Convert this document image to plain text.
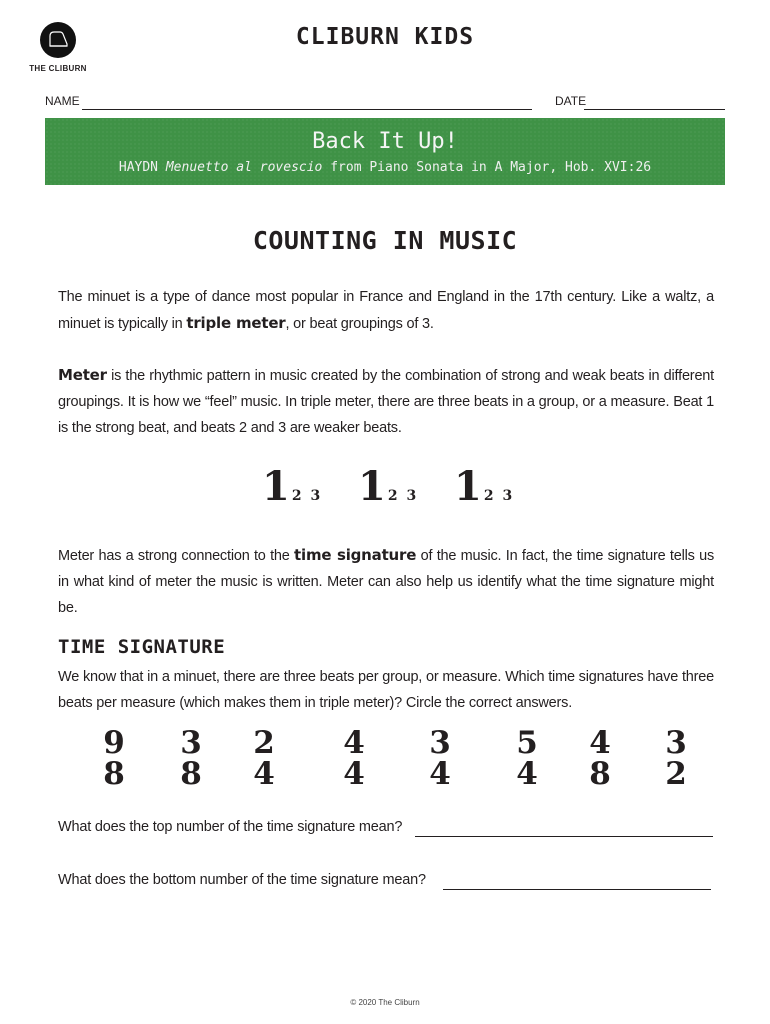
THE CLIBURN
CLIBURN KIDS
NAME	DATE
Back It Up!
HAYDN Menuetto al rovescio from Piano Sonata in A Major, Hob. XVI:26
COUNTING IN MUSIC
The minuet is a type of dance most popular in France and England in the 17th century. Like a waltz, a minuet is typically in triple meter, or beat groupings of 3.
Meter is the rhythmic pattern in music created by the combination of strong and weak beats in different groupings. It is how we “feel” music. In triple meter, there are three beats in a group, or a measure. Beat 1 is the strong beat, and beats 2 and 3 are weaker beats.
1 2 3 1 2 3 1 2 3
Meter has a strong connection to the time signature of the music. In fact, the time signature tells us in what kind of meter the music is written. Meter can also help us identify what the time signature might be.
TIME SIGNATURE
We know that in a minuet, there are three beats per group, or measure. Which time signatures have three beats per measure (which makes them in triple meter)? Circle the correct answers.
9
8
3
8
2
4
4
4
3
4
5
4
4
8
3
2
What does the top number of the time signature mean?
What does the bottom number of the time signature mean?
© 2020 The Cliburn
